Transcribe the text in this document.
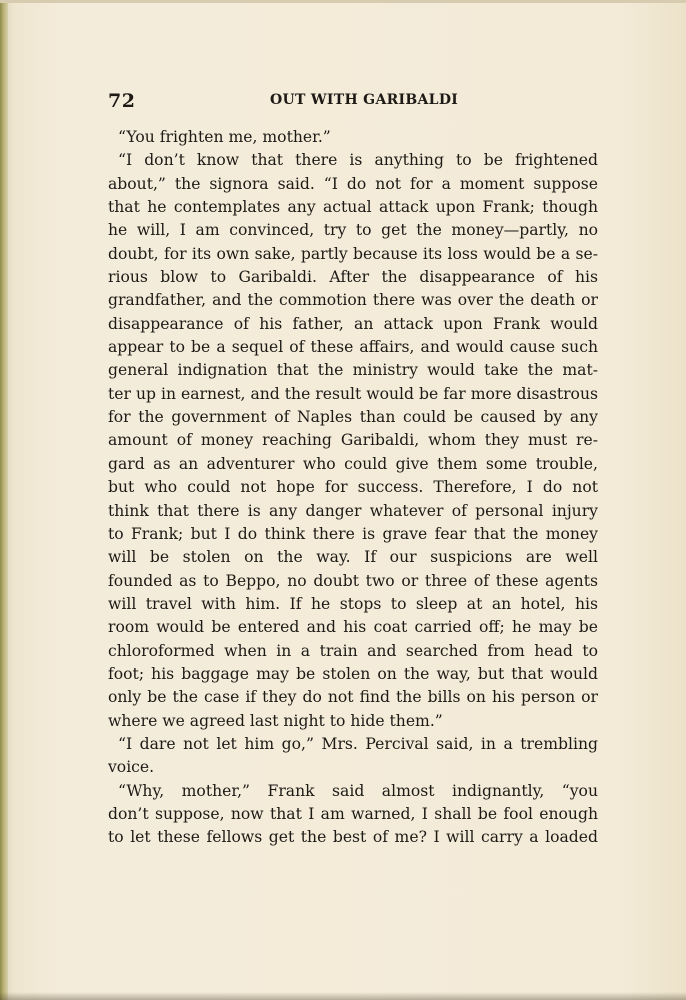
72	OUT WITH GARIBALDI
“You frighten me, mother.”
“I don’t know that there is anything to be frightened
about,” the signora said. “I do not for a moment suppose
that he contemplates any actual attack upon Frank; though
he will, I am convinced, try to get the money—partly, no
doubt, for its own sake, partly because its loss would be a se-
rious blow to Garibaldi. After the disappearance of his
grandfather, and the commotion there was over the death or
disappearance of his father, an attack upon Frank would
appear to be a sequel of these affairs, and would cause such
general indignation that the ministry would take the mat-
ter up in earnest, and the result would be far more disastrous
for the government of Naples than could be caused by any
amount of money reaching Garibaldi, whom they must re-
gard as an adventurer who could give them some trouble,
but who could not hope for success. Therefore, I do not
think that there is any danger whatever of personal injury
to Frank; but I do think there is grave fear that the money
will be stolen on the way. If our suspicions are well
founded as to Beppo, no doubt two or three of these agents
will travel with him. If he stops to sleep at an hotel, his
room would be entered and his coat carried off; he may be
chloroformed when in a train and searched from head to
foot; his baggage may be stolen on the way, but that would
only be the case if they do not find the bills on his person or
where we agreed last night to hide them.”
“I dare not let him go,” Mrs. Percival said, in a trembling
voice.
“Why, mother,” Frank said almost indignantly, “you
don’t suppose, now that I am warned, I shall be fool enough
to let these fellows get the best of me? I will carry a loaded
